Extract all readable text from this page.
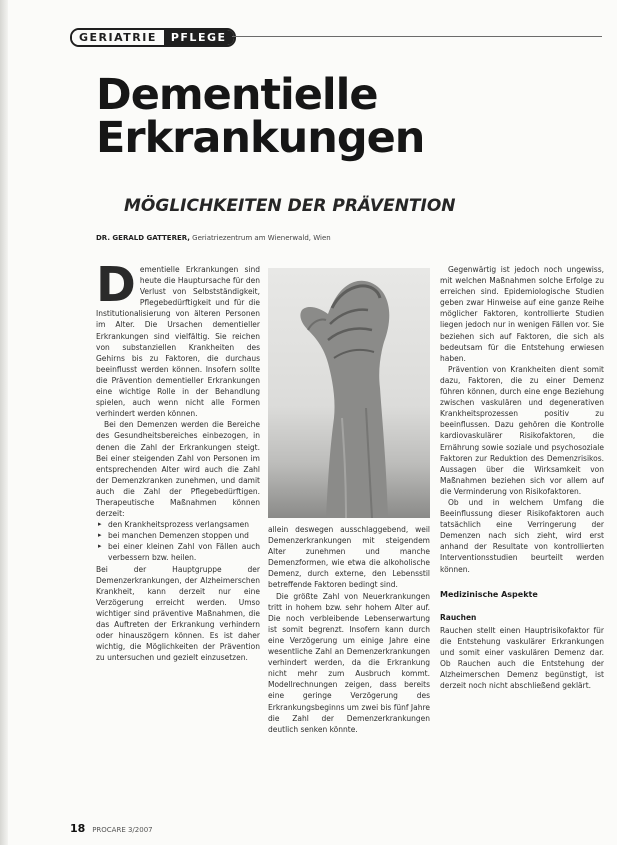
GERIATRIE	PFLEGE
Dementielle
Erkrankungen
MÖGLICHKEITEN DER PRÄVENTION
DR. GERALD GATTERER, Geriatriezentrum am Wienerwald, Wien
D ementielle Erkrankungen sind heute die Hauptursache für den Verlust von Selbstständigkeit, Pflegebedürftigkeit und für die Institutionalisierung von älteren Personen im Alter. Die Ursachen dementieller Erkrankungen sind vielfältig. Sie reichen von substanziellen Krankheiten des Gehirns bis zu Faktoren, die durchaus beeinflusst werden können. Insofern sollte die Prävention dementieller Erkrankungen eine wichtige Rolle in der Behandlung spielen, auch wenn nicht alle Formen verhindert werden können.

Bei den Demenzen werden die Bereiche des Gesundheitsbereiches einbezogen, in denen die Zahl der Erkrankungen steigt. Bei einer steigenden Zahl von Personen im entsprechenden Alter wird auch die Zahl der Demenzkranken zunehmen, und damit auch die Zahl der Pflegebedürftigen. Therapeutische Maßnahmen können derzeit:

▸ den Krankheitsprozess verlangsamen
▸ bei manchen Demenzen stoppen und
▸ bei einer kleinen Zahl von Fällen auch verbessern bzw. heilen.

Bei der Hauptgruppe der Demenzerkrankungen, der Alzheimerschen Krankheit, kann derzeit nur eine Verzögerung erreicht werden. Umso wichtiger sind präventive Maßnahmen, die das Auftreten der Erkrankung verhindern oder hinauszögern können. Es ist daher wichtig, die Möglichkeiten der Prävention zu untersuchen und gezielt einzusetzen.

allein deswegen ausschlaggebend, weil Demenzerkrankungen mit steigendem Alter zunehmen und manche Demenzformen, wie etwa die alkoholische Demenz, durch externe, den Lebensstil betreffende Faktoren bedingt sind.

Die größte Zahl von Neuerkrankungen tritt in hohem bzw. sehr hohem Alter auf. Die noch verbleibende Lebenserwartung ist somit begrenzt. Insofern kann durch eine Verzögerung um einige Jahre eine wesentliche Zahl an Demenzerkrankungen verhindert werden, da die Erkrankung nicht mehr zum Ausbruch kommt. Modellrechnungen zeigen, dass bereits eine geringe Verzögerung des Erkrankungsbeginns um zwei bis fünf Jahre die Zahl der Demenzerkrankungen deutlich senken könnte.

Gegenwärtig ist jedoch noch ungewiss, mit welchen Maßnahmen solche Erfolge zu erreichen sind. Epidemiologische Studien geben zwar Hinweise auf eine ganze Reihe möglicher Faktoren, kontrollierte Studien liegen jedoch nur in wenigen Fällen vor. Sie beziehen sich auf Faktoren, die sich als bedeutsam für die Entstehung erwiesen haben.

Prävention von Krankheiten dient somit dazu, Faktoren, die zu einer Demenz führen können, durch eine enge Beziehung zwischen vaskulären und degenerativen Krankheitsprozessen positiv zu beeinflussen. Dazu gehören die Kontrolle kardiovaskulärer Risikofaktoren, die Ernährung sowie soziale und psychosoziale Faktoren zur Reduktion des Demenzrisikos. Aussagen über die Wirksamkeit von Maßnahmen beziehen sich vor allem auf die Verminderung von Risikofaktoren.

Ob und in welchem Umfang die Beeinflussung dieser Risikofaktoren auch tatsächlich eine Verringerung der Demenzen nach sich zieht, wird erst anhand der Resultate von kontrollierten Interventionsstudien beurteilt werden können.

Medizinische Aspekte
Rauchen

Rauchen stellt einen Hauptrisikofaktor für die Entstehung vaskulärer Erkrankungen und somit einer vaskulären Demenz dar. Ob Rauchen auch die Entstehung der Alzheimerschen Demenz begünstigt, ist derzeit noch nicht abschließend geklärt.

18 PROCARE 3/2007
